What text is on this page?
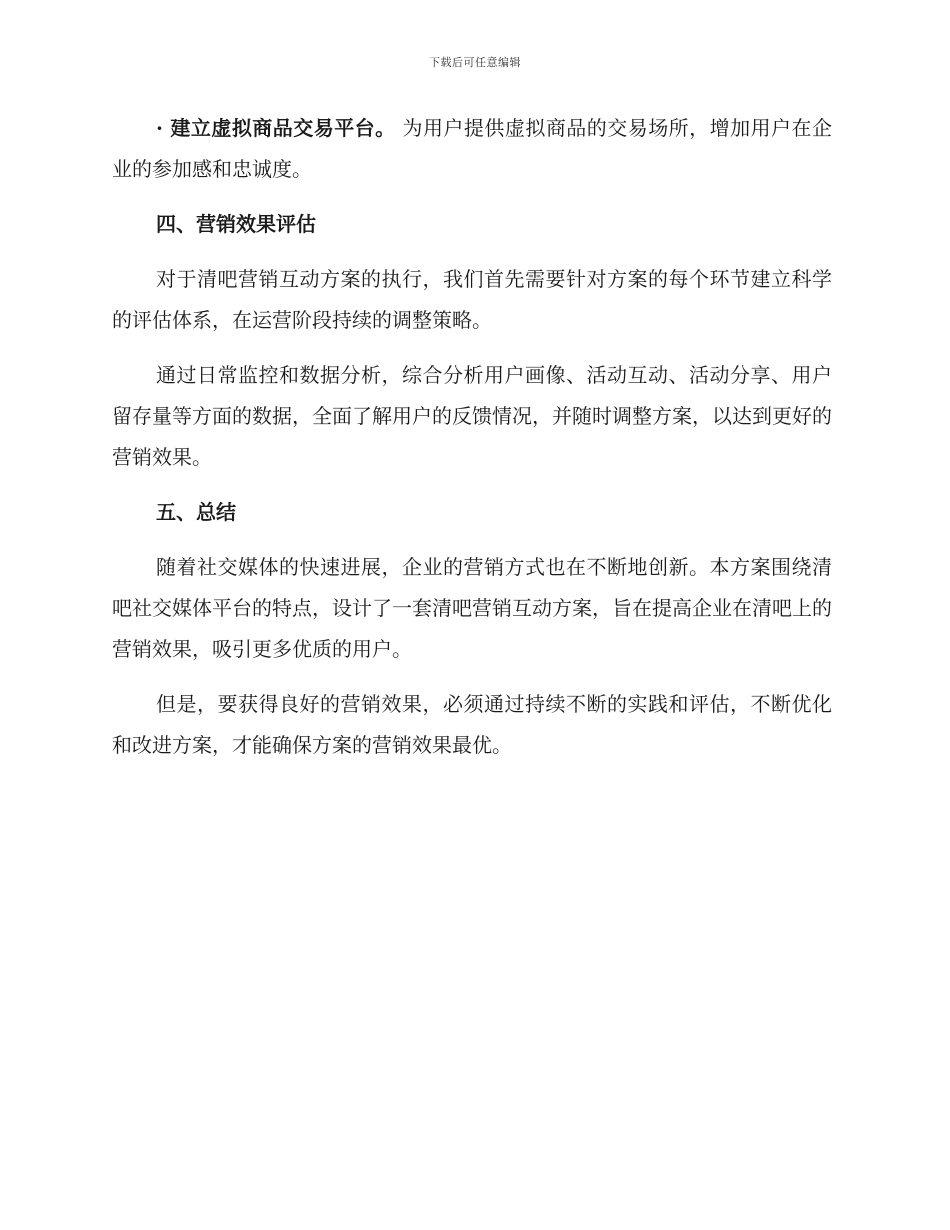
下载后可任意编辑

· 建立虚拟商品交易平台。 为用户提供虚拟商品的交易场所，增加用户在企业的参加感和忠诚度。

四、营销效果评估

对于清吧营销互动方案的执行，我们首先需要针对方案的每个环节建立科学的评估体系，在运营阶段持续的调整策略。

通过日常监控和数据分析，综合分析用户画像、活动互动、活动分享、用户留存量等方面的数据，全面了解用户的反馈情况，并随时调整方案，以达到更好的营销效果。

五、总结

随着社交媒体的快速进展，企业的营销方式也在不断地创新。本方案围绕清吧社交媒体平台的特点，设计了一套清吧营销互动方案，旨在提高企业在清吧上的营销效果，吸引更多优质的用户。

但是，要获得良好的营销效果，必须通过持续不断的实践和评估，不断优化和改进方案，才能确保方案的营销效果最优。
